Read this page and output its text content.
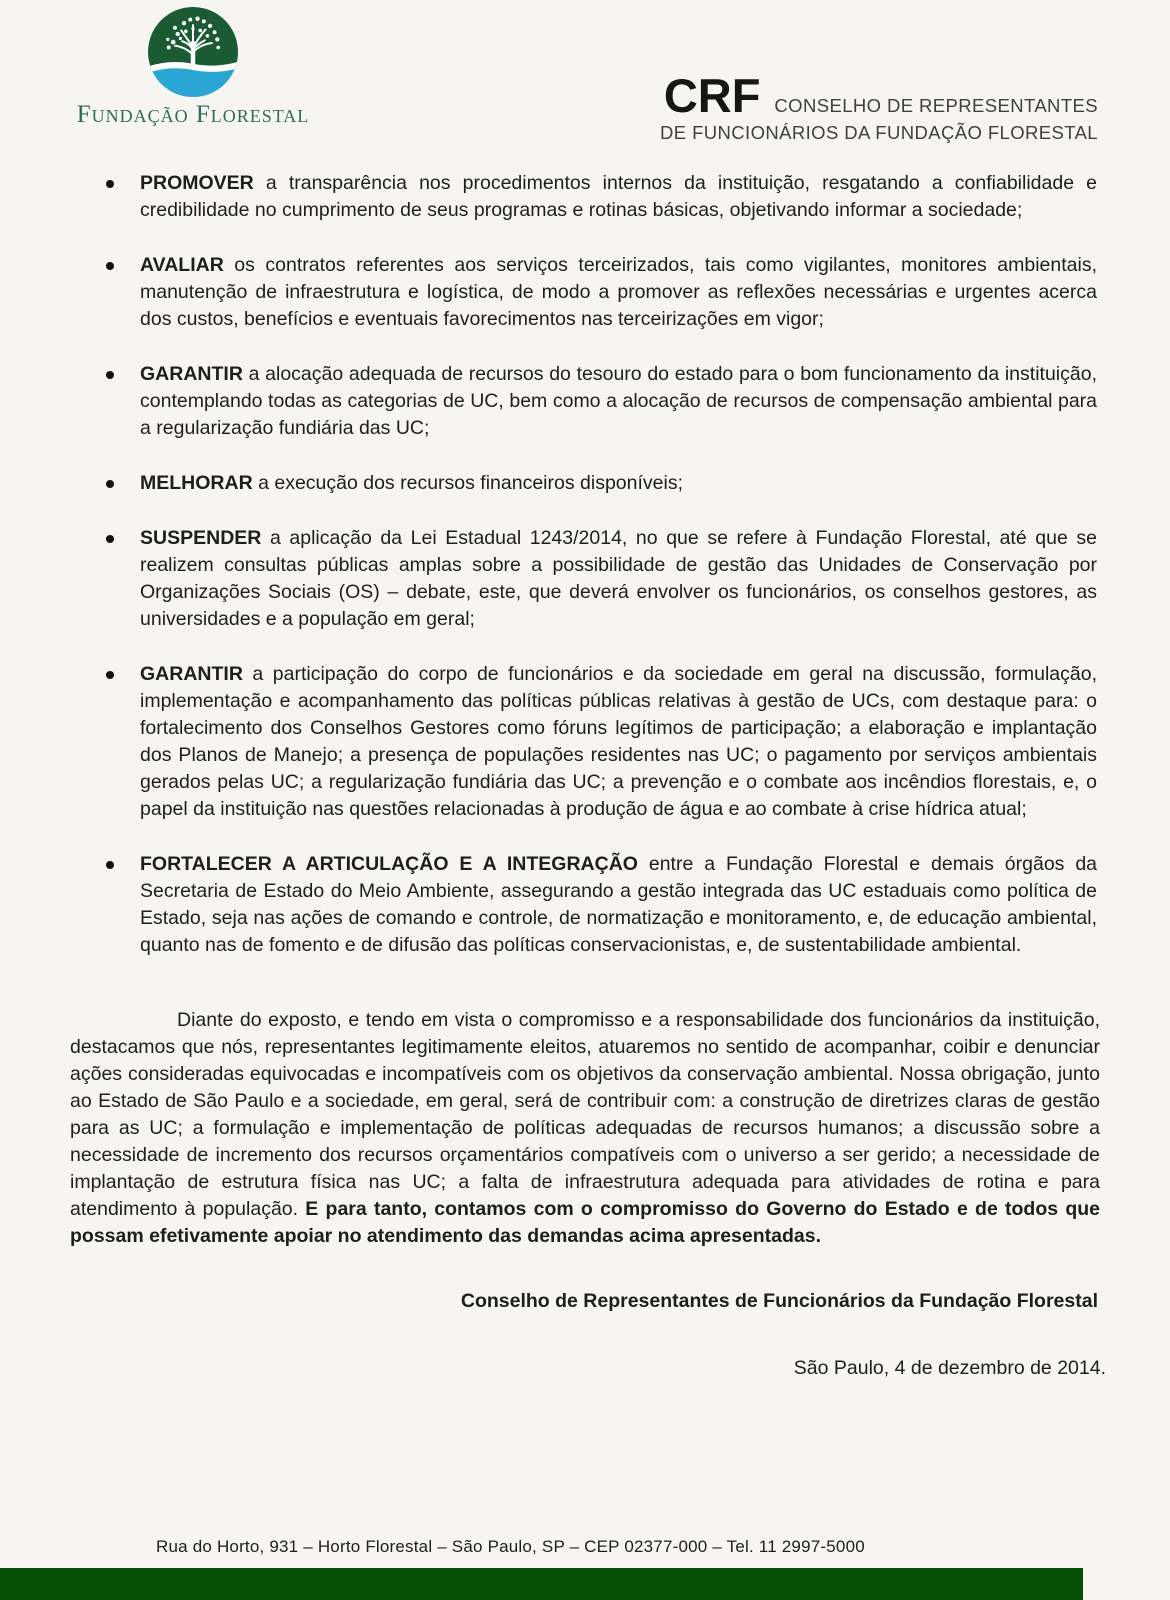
Fundação Florestal	CRF CONSELHO DE REPRESENTANTES
DE FUNCIONÁRIOS DA FUNDAÇÃO FLORESTAL
PROMOVER a transparência nos procedimentos internos da instituição, resgatando a confiabilidade e credibilidade no cumprimento de seus programas e rotinas básicas, objetivando informar a sociedade;
AVALIAR os contratos referentes aos serviços terceirizados, tais como vigilantes, monitores ambientais, manutenção de infraestrutura e logística, de modo a promover as reflexões necessárias e urgentes acerca dos custos, benefícios e eventuais favorecimentos nas terceirizações em vigor;
GARANTIR a alocação adequada de recursos do tesouro do estado para o bom funcionamento da instituição, contemplando todas as categorias de UC, bem como a alocação de recursos de compensação ambiental para a regularização fundiária das UC;
MELHORAR a execução dos recursos financeiros disponíveis;
SUSPENDER a aplicação da Lei Estadual 1243/2014, no que se refere à Fundação Florestal, até que se realizem consultas públicas amplas sobre a possibilidade de gestão das Unidades de Conservação por Organizações Sociais (OS) – debate, este, que deverá envolver os funcionários, os conselhos gestores, as universidades e a população em geral;
GARANTIR a participação do corpo de funcionários e da sociedade em geral na discussão, formulação, implementação e acompanhamento das políticas públicas relativas à gestão de UCs, com destaque para: o fortalecimento dos Conselhos Gestores como fóruns legítimos de participação; a elaboração e implantação dos Planos de Manejo; a presença de populações residentes nas UC; o pagamento por serviços ambientais gerados pelas UC; a regularização fundiária das UC; a prevenção e o combate aos incêndios florestais, e, o papel da instituição nas questões relacionadas à produção de água e ao combate à crise hídrica atual;
FORTALECER A ARTICULAÇÃO E A INTEGRAÇÃO entre a Fundação Florestal e demais órgãos da Secretaria de Estado do Meio Ambiente, assegurando a gestão integrada das UC estaduais como política de Estado, seja nas ações de comando e controle, de normatização e monitoramento, e, de educação ambiental, quanto nas de fomento e de difusão das políticas conservacionistas, e, de sustentabilidade ambiental.

Diante do exposto, e tendo em vista o compromisso e a responsabilidade dos funcionários da instituição, destacamos que nós, representantes legitimamente eleitos, atuaremos no sentido de acompanhar, coibir e denunciar ações consideradas equivocadas e incompatíveis com os objetivos da conservação ambiental. Nossa obrigação, junto ao Estado de São Paulo e a sociedade, em geral, será de contribuir com: a construção de diretrizes claras de gestão para as UC; a formulação e implementação de políticas adequadas de recursos humanos; a discussão sobre a necessidade de incremento dos recursos orçamentários compatíveis com o universo a ser gerido; a necessidade de implantação de estrutura física nas UC; a falta de infraestrutura adequada para atividades de rotina e para atendimento à população. E para tanto, contamos com o compromisso do Governo do Estado e de todos que possam efetivamente apoiar no atendimento das demandas acima apresentadas.

Conselho de Representantes de Funcionários da Fundação Florestal
São Paulo, 4 de dezembro de 2014.
Rua do Horto, 931 – Horto Florestal – São Paulo, SP – CEP 02377-000 – Tel. 11 2997-5000
